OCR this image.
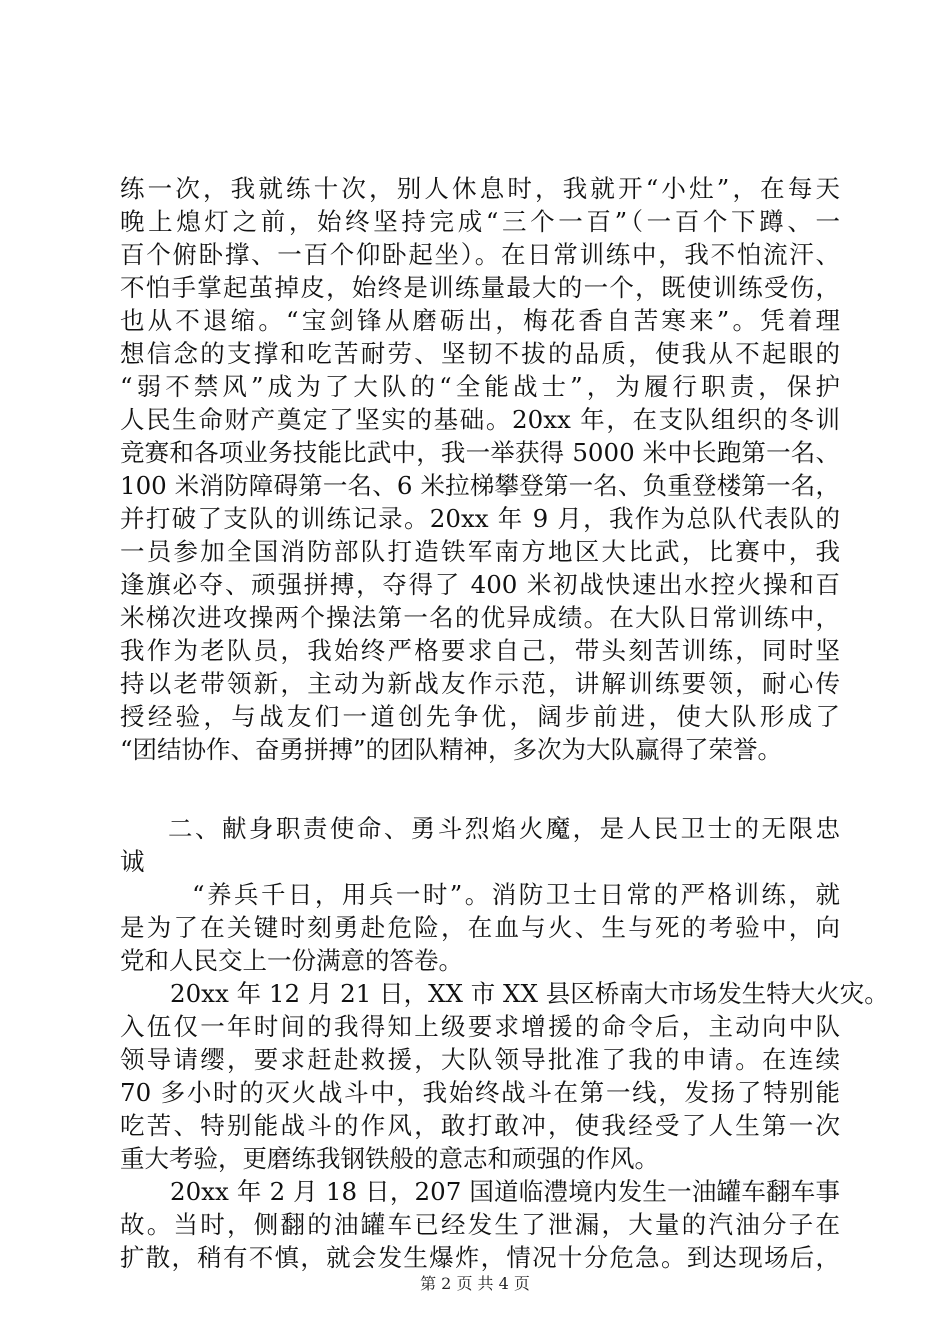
练一次，我就练十次，别人休息时，我就开“小灶”，在每天
晚上熄灯之前，始终坚持完成“三个一百”（一百个下蹲、一
百个俯卧撑、一百个仰卧起坐）。在日常训练中，我不怕流汗、
不怕手掌起茧掉皮，始终是训练量最大的一个，既使训练受伤，
也从不退缩。“宝剑锋从磨砺出，梅花香自苦寒来”。凭着理
想信念的支撑和吃苦耐劳、坚韧不拔的品质，使我从不起眼的
“弱不禁风”成为了大队的“全能战士”，为履行职责，保护
人民生命财产奠定了坚实的基础。20xx 年，在支队组织的冬训
竞赛和各项业务技能比武中，我一举获得 5000 米中长跑第一名、
100 米消防障碍第一名、6 米拉梯攀登第一名、负重登楼第一名，
并打破了支队的训练记录。20xx 年 9 月，我作为总队代表队的
一员参加全国消防部队打造铁军南方地区大比武，比赛中，我
逢旗必夺、顽强拼搏，夺得了 400 米初战快速出水控火操和百
米梯次进攻操两个操法第一名的优异成绩。在大队日常训练中，
我作为老队员，我始终严格要求自己，带头刻苦训练，同时坚
持以老带领新，主动为新战友作示范，讲解训练要领，耐心传
授经验，与战友们一道创先争优，阔步前进，使大队形成了
“团结协作、奋勇拼搏”的团队精神，多次为大队赢得了荣誉。
二、献身职责使命、勇斗烈焰火魔，是人民卫士的无限忠
诚
“养兵千日，用兵一时”。消防卫士日常的严格训练，就
是为了在关键时刻勇赴危险，在血与火、生与死的考验中，向
党和人民交上一份满意的答卷。
20xx 年 12 月 21 日，XX 市 XX 县区桥南大市场发生特大火灾。
入伍仅一年时间的我得知上级要求增援的命令后，主动向中队
领导请缨，要求赶赴救援，大队领导批准了我的申请。在连续
70 多小时的灭火战斗中，我始终战斗在第一线，发扬了特别能
吃苦、特别能战斗的作风，敢打敢冲，使我经受了人生第一次
重大考验，更磨练我钢铁般的意志和顽强的作风。
20xx 年 2 月 18 日，207 国道临澧境内发生一油罐车翻车事
故。当时，侧翻的油罐车已经发生了泄漏，大量的汽油分子在
扩散，稍有不慎，就会发生爆炸，情况十分危急。到达现场后，
第 2 页 共 4 页
